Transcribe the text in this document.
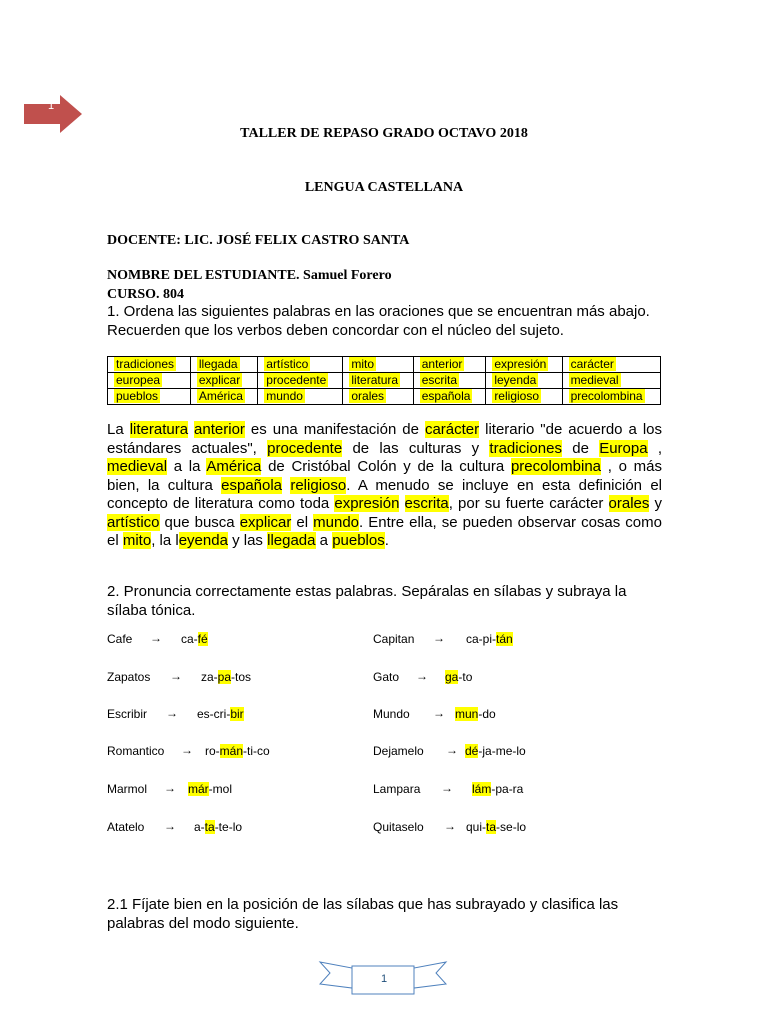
1
TALLER DE REPASO GRADO OCTAVO 2018
LENGUA CASTELLANA
DOCENTE: LIC. JOSÉ FELIX CASTRO SANTA
NOMBRE DEL ESTUDIANTE. Samuel Forero
CURSO. 804
1. Ordena las siguientes palabras en las oraciones que se encuentran más abajo.
Recuerden que los verbos deben concordar con el núcleo del sujeto.
tradiciones	llegada	artístico	mito	anterior	expresión	carácter
europea	explicar	procedente	literatura	escrita	leyenda	medieval
pueblos	América	mundo	orales	española	religioso	precolombina
La literatura anterior es una manifestación de carácter literario "de acuerdo a los estándares actuales", procedente de las culturas y tradiciones de Europa , medieval a la América de Cristóbal Colón y de la cultura precolombina , o más bien, la cultura española religioso. A menudo se incluye en esta definición el concepto de literatura como toda expresión escrita, por su fuerte carácter orales y artístico que busca explicar el mundo. Entre ella, se pueden observar cosas como el mito, la leyenda y las llegada a pueblos.
2. Pronuncia correctamente estas palabras. Sepáralas en sílabas y subraya la
sílaba tónica.
Cafe → ca-fé
Zapatos → za-pa-tos
Escribir → es-cri-bir
Romantico → ro-mán-ti-co
Marmol → már-mol
Atatelo → a-ta-te-lo
Capitan → ca-pi-tán
Gato → ga-to
Mundo → mun-do
Dejamelo → dé-ja-me-lo
Lampara → lám-pa-ra
Quitaselo → qui-ta-se-lo
2.1 Fíjate bien en la posición de las sílabas que has subrayado y clasifica las
palabras del modo siguiente.
1
